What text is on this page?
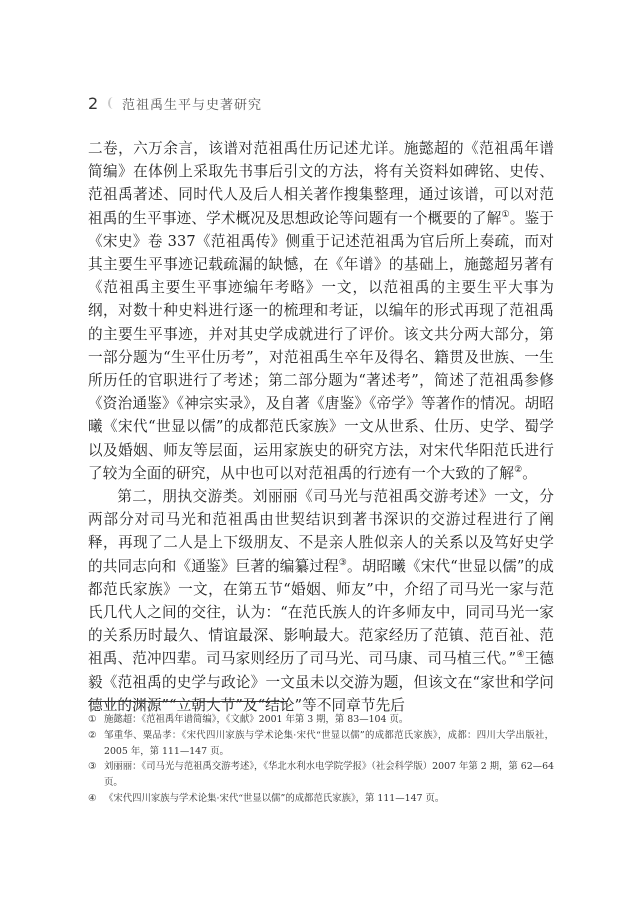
2	范祖禹生平与史著研究

二卷，六万余言，该谱对范祖禹仕历记述尤详。施懿超的《范祖禹年谱简编》在体例上采取先书事后引文的方法，将有关资料如碑铭、史传、范祖禹著述、同时代人及后人相关著作搜集整理，通过该谱，可以对范祖禹的生平事迹、学术概况及思想政论等问题有一个概要的了解①。鉴于《宋史》卷 337《范祖禹传》侧重于记述范祖禹为官后所上奏疏，而对其主要生平事迹记载疏漏的缺憾，在《年谱》的基础上，施懿超另著有《范祖禹主要生平事迹编年考略》一文，以范祖禹的主要生平大事为纲，对数十种史料进行逐一的梳理和考证，以编年的形式再现了范祖禹的主要生平事迹，并对其史学成就进行了评价。该文共分两大部分，第一部分题为“生平仕历考”，对范祖禹生卒年及得名、籍贯及世族、一生所历任的官职进行了考述；第二部分题为“著述考”，简述了范祖禹参修《资治通鉴》《神宗实录》，及自著《唐鉴》《帝学》等著作的情况。胡昭曦《宋代“世显以儒”的成都范氏家族》一文从世系、仕历、史学、蜀学以及婚姻、师友等层面，运用家族史的研究方法，对宋代华阳范氏进行了较为全面的研究，从中也可以对范祖禹的行迹有一个大致的了解②。

第二，朋执交游类。刘丽丽《司马光与范祖禹交游考述》一文，分两部分对司马光和范祖禹由世契结识到著书深识的交游过程进行了阐释，再现了二人是上下级朋友、不是亲人胜似亲人的关系以及笃好史学的共同志向和《通鉴》巨著的编纂过程③。胡昭曦《宋代“世显以儒”的成都范氏家族》一文，在第五节“婚姻、师友”中，介绍了司马光一家与范氏几代人之间的交往，认为：“在范氏族人的许多师友中，同司马光一家的关系历时最久、情谊最深、影响最大。范家经历了范镇、范百祉、范祖禹、范冲四辈。司马家则经历了司马光、司马康、司马植三代。”④王德毅《范祖禹的史学与政论》一文虽未以交游为题，但该文在“家世和学问德业的渊源”“立朝大节”及“结论”等不同章节先后

① 施懿超：《范祖禹年谱简编》，《文献》2001 年第 3 期，第 83—104 页。
② 邹重华、粟品孝：《宋代四川家族与学术论集·宋代“世显以儒”的成都范氏家族》，成都：四川大学出版社，2005 年，第 111—147 页。
③ 刘丽丽：《司马光与范祖禹交游考述》，《华北水利水电学院学报》（社会科学版）2007 年第 2 期，第 62—64 页。
④ 《宋代四川家族与学术论集·宋代“世显以儒”的成都范氏家族》，第 111—147 页。
